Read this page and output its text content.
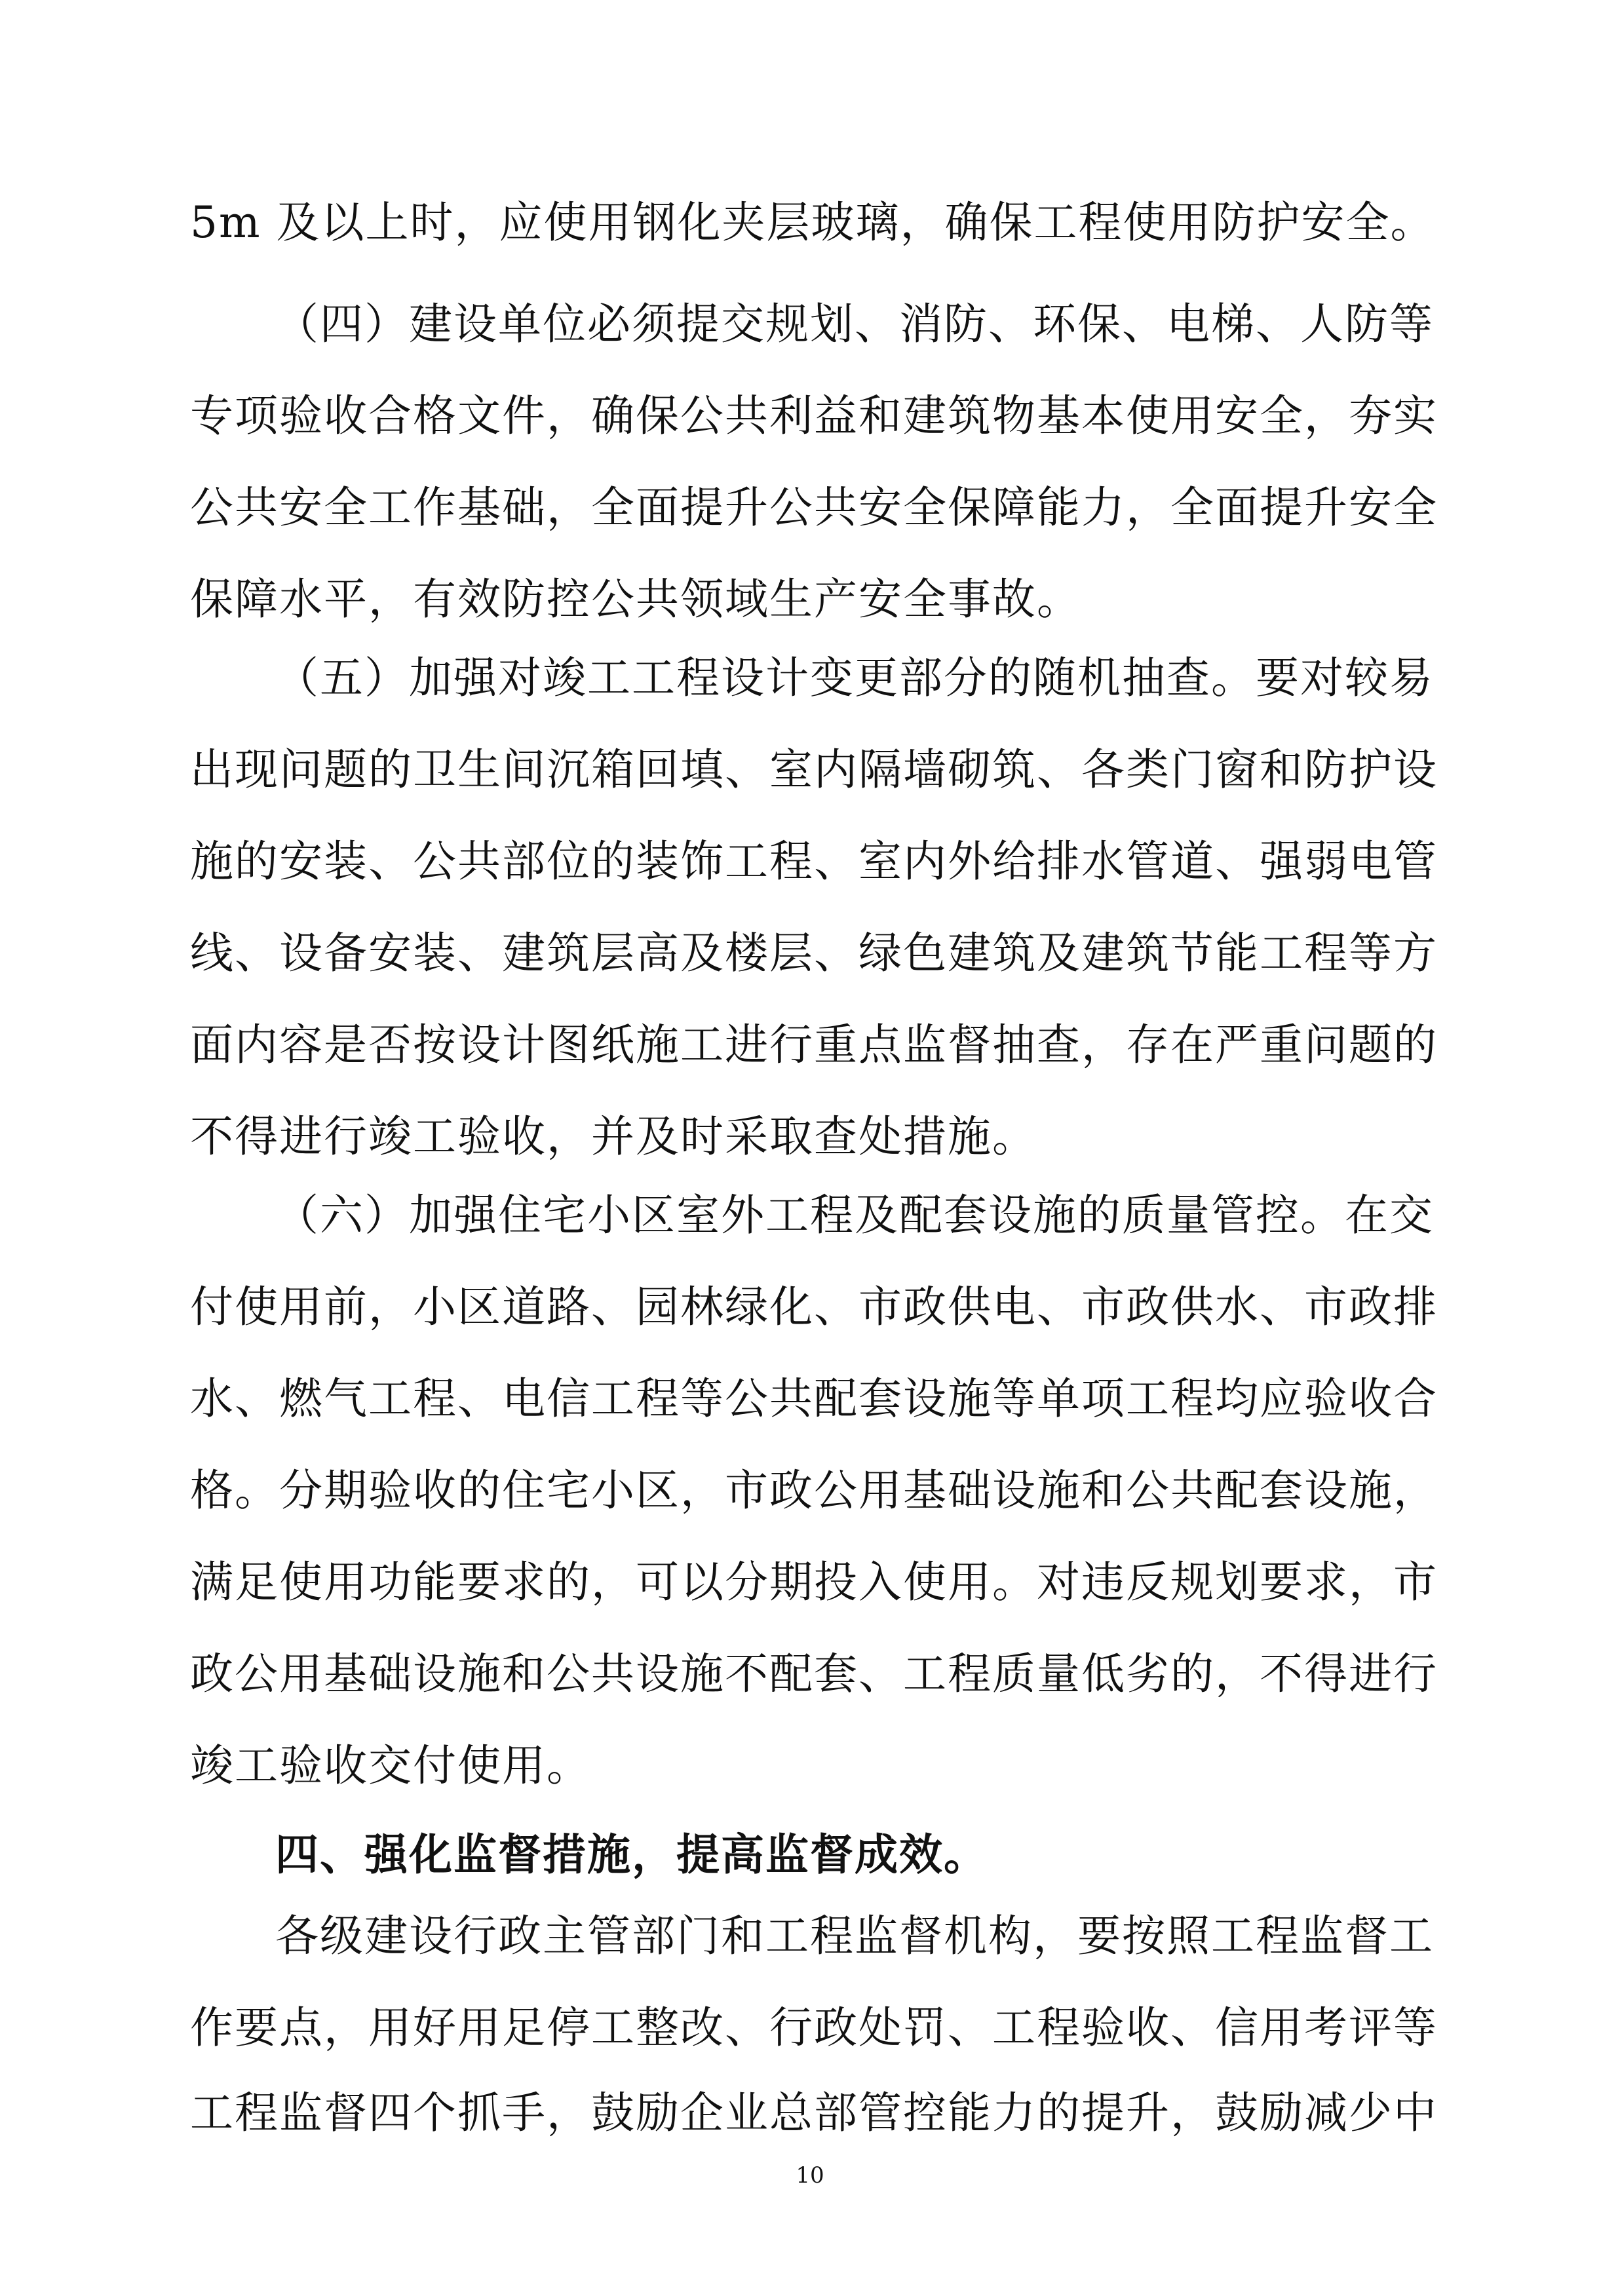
5m 及以上时，应使用钢化夹层玻璃，确保工程使用防护安全。
（四）建设单位必须提交规划、消防、环保、电梯、人防等
专项验收合格文件，确保公共利益和建筑物基本使用安全，夯实
公共安全工作基础，全面提升公共安全保障能力，全面提升安全
保障水平，有效防控公共领域生产安全事故。
（五）加强对竣工工程设计变更部分的随机抽查。要对较易
出现问题的卫生间沉箱回填、室内隔墙砌筑、各类门窗和防护设
施的安装、公共部位的装饰工程、室内外给排水管道、强弱电管
线、设备安装、建筑层高及楼层、绿色建筑及建筑节能工程等方
面内容是否按设计图纸施工进行重点监督抽查，存在严重问题的
不得进行竣工验收，并及时采取查处措施。
（六）加强住宅小区室外工程及配套设施的质量管控。在交
付使用前，小区道路、园林绿化、市政供电、市政供水、市政排
水、燃气工程、电信工程等公共配套设施等单项工程均应验收合
格。分期验收的住宅小区，市政公用基础设施和公共配套设施，
满足使用功能要求的，可以分期投入使用。对违反规划要求，市
政公用基础设施和公共设施不配套、工程质量低劣的，不得进行
竣工验收交付使用。
四、强化监督措施，提高监督成效。
各级建设行政主管部门和工程监督机构，要按照工程监督工
作要点，用好用足停工整改、行政处罚、工程验收、信用考评等
工程监督四个抓手，鼓励企业总部管控能力的提升，鼓励减少中
10
